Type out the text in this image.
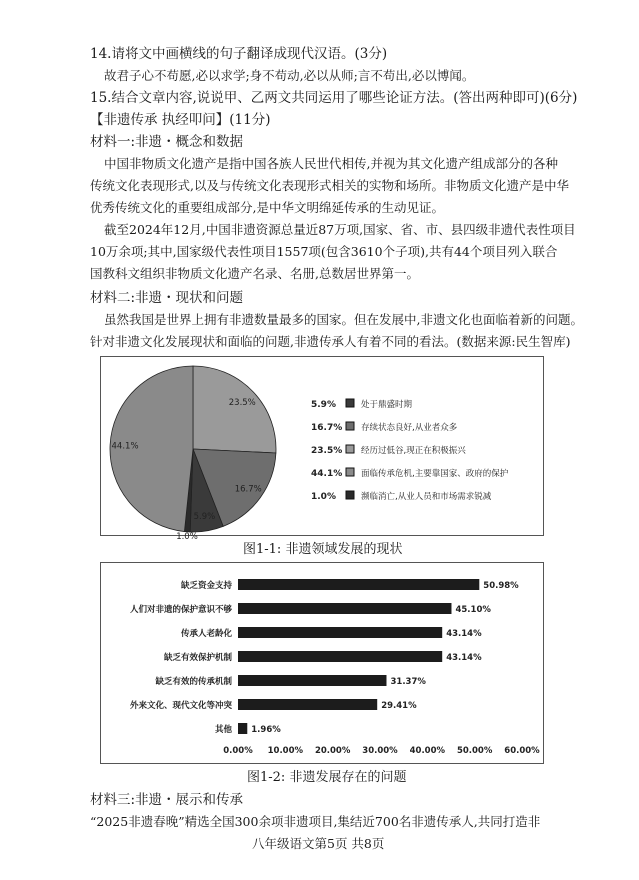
14.请将文中画横线的句子翻译成现代汉语。(3分)
故君子心不苟愿,必以求学;身不苟动,必以从师;言不苟出,必以博闻。
15.结合文章内容,说说甲、乙两文共同运用了哪些论证方法。(答出两种即可)(6分)
【非遗传承 执经叩问】(11分)
材料一:非遗・概念和数据
中国非物质文化遗产是指中国各族人民世代相传,并视为其文化遗产组成部分的各种
传统文化表现形式,以及与传统文化表现形式相关的实物和场所。非物质文化遗产是中华
优秀传统文化的重要组成部分,是中华文明绵延传承的生动见证。
截至2024年12月,中国非遗资源总量近87万项,国家、省、市、县四级非遗代表性项目
10万余项;其中,国家级代表性项目1557项(包含3610个子项),共有44个项目列入联合
国教科文组织非物质文化遗产名录、名册,总数居世界第一。
材料二:非遗・现状和问题
虽然我国是世界上拥有非遗数量最多的国家。但在发展中,非遗文化也面临着新的问题。
针对非遗文化发展现状和面临的问题,非遗传承人有着不同的看法。(数据来源:民生智库)
23.5%
16.7%
5.9%
1.0%
44.1%
5.9%	处于鼎盛时期
16.7% 存续状态良好,从业者众多
23.5% 经历过低谷,现正在积极振兴
44.1% 面临传承危机,主要靠国家、政府的保护
1.0%	濒临消亡,从业人员和市场需求锐减
图1-1: 非遗领域发展的现状
缺乏资金支持	50.98%
人们对非遗的保护意识不够	45.10%
传承人老龄化	43.14%
缺乏有效保护机制	43.14%
缺乏有效的传承机制	31.37%
外来文化、现代文化等冲突	29.41%
其他 1.96%
0.00% 10.00% 20.00% 30.00% 40.00% 50.00% 60.00%
图1-2: 非遗发展存在的问题
材料三:非遗・展示和传承
“2025非遗春晚”精选全国300余项非遗项目,集结近700名非遗传承人,共同打造非
八年级语文第5页 共8页
